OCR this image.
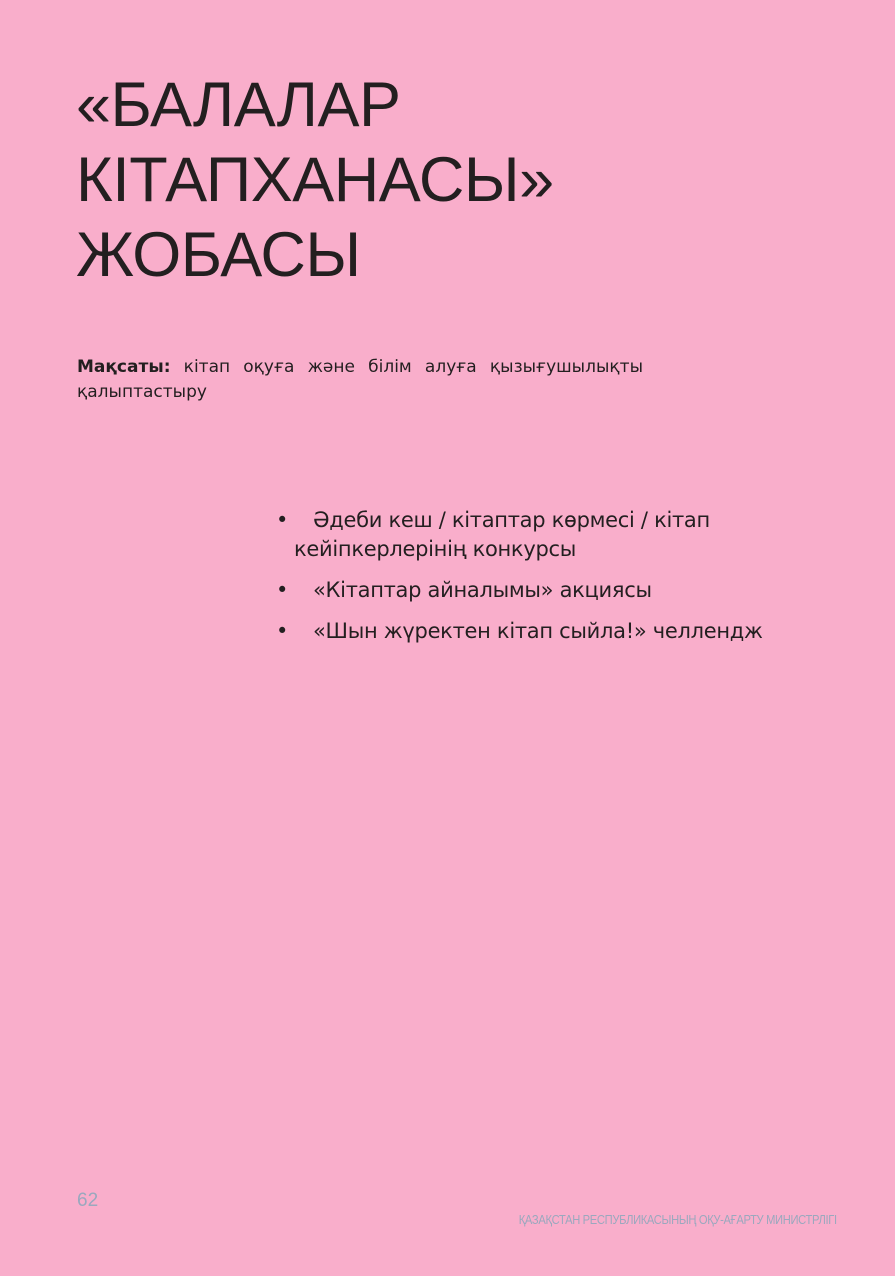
«БАЛАЛАР
КІТАПХАНАСЫ»
ЖОБАСЫ

Мақсаты: кітап оқуға және білім алуға қызығушылықты қалыптастыру

• Әдеби кеш / кітаптар көрмесі / кітап
кейіпкерлерінің конкурсы
• «Кітаптар айналымы» акциясы
• «Шын жүректен кітап сыйла!» челлендж
62
ҚАЗАҚСТАН РЕСПУБЛИКАСЫНЫҢ ОҚУ-АҒАРТУ МИНИСТРЛІГІ
